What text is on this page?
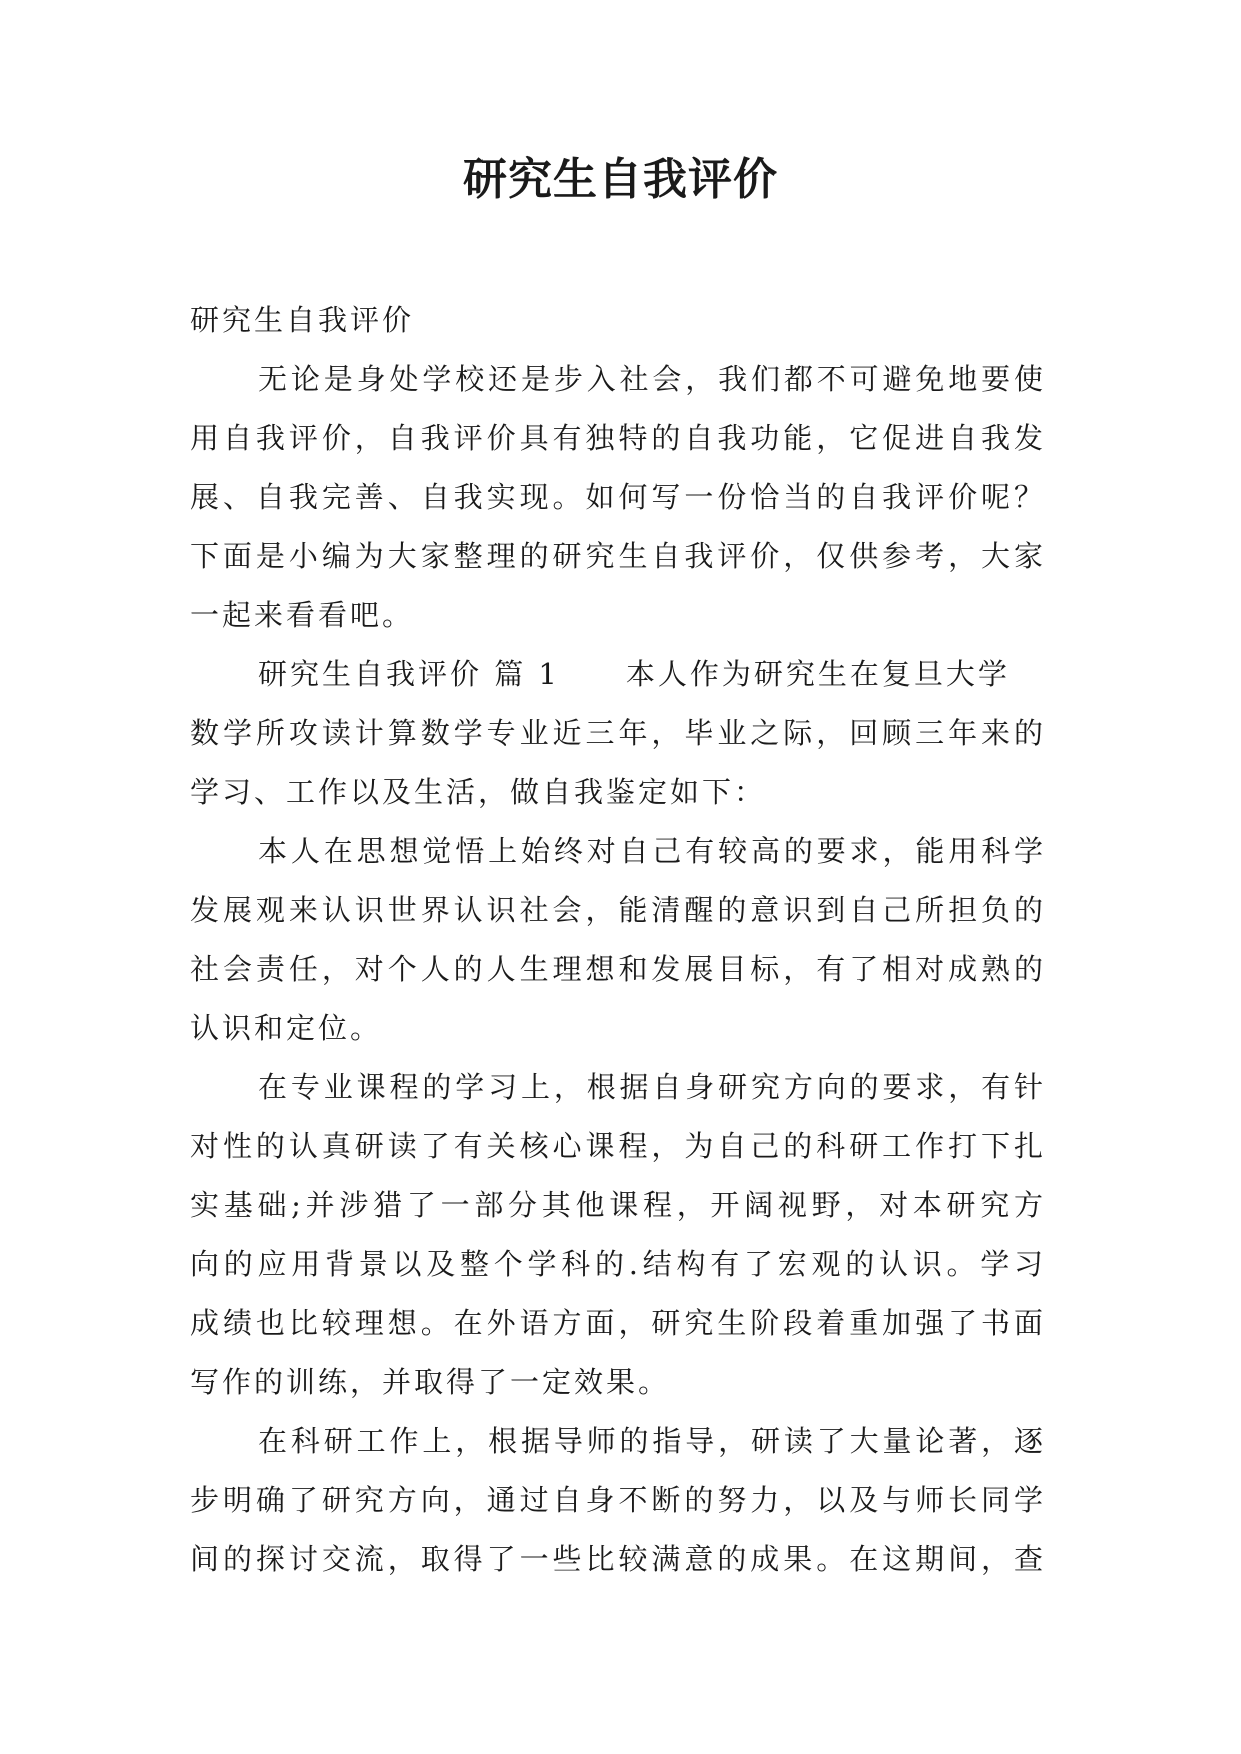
研究生自我评价
研究生自我评价

无论是身处学校还是步入社会，我们都不可避免地要使
用自我评价，自我评价具有独特的自我功能，它促进自我发
展、自我完善、自我实现。如何写一份恰当的自我评价呢？
下面是小编为大家整理的研究生自我评价，仅供参考，大家
一起来看看吧。

研究生自我评价 篇 1 本人作为研究生在复旦大学
数学所攻读计算数学专业近三年，毕业之际，回顾三年来的
学习、工作以及生活，做自我鉴定如下：

本人在思想觉悟上始终对自己有较高的要求，能用科学
发展观来认识世界认识社会，能清醒的意识到自己所担负的
社会责任，对个人的人生理想和发展目标，有了相对成熟的
认识和定位。

在专业课程的学习上，根据自身研究方向的要求，有针
对性的认真研读了有关核心课程，为自己的科研工作打下扎
实基础;并涉猎了一部分其他课程，开阔视野，对本研究方
向的应用背景以及整个学科的.结构有了宏观的认识。学习
成绩也比较理想。在外语方面，研究生阶段着重加强了书面
写作的训练，并取得了一定效果。

在科研工作上，根据导师的指导，研读了大量论著，逐
步明确了研究方向，通过自身不断的努力，以及与师长同学
间的探讨交流，取得了一些比较满意的成果。在这期间，查
